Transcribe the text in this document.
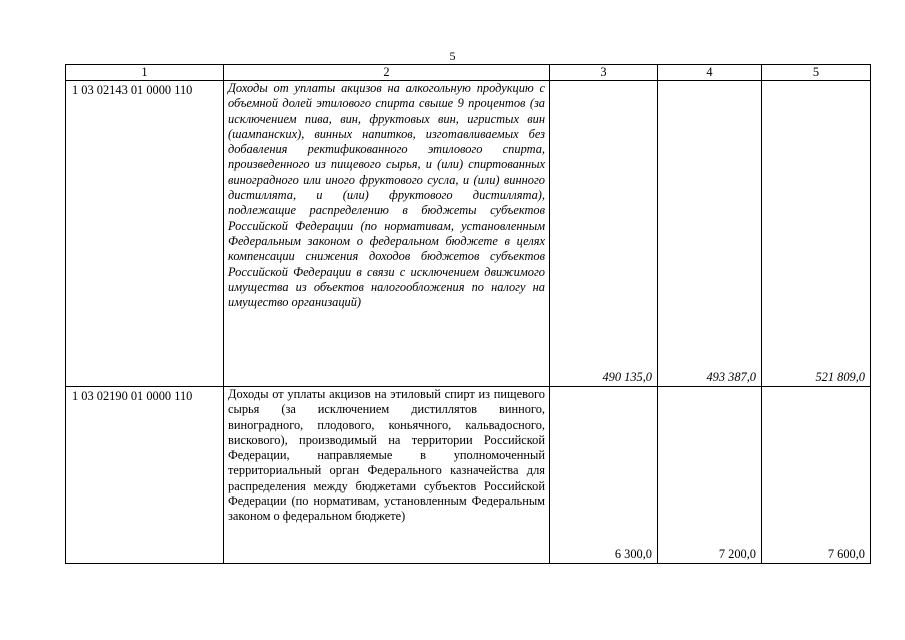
5
1	2	3	4	5
1 03 02143 01 0000 110	Доходы от уплаты акцизов на алкогольную продукцию с объемной долей этилового спирта свыше 9 процентов (за исключением пива, вин, фруктовых вин, игристых вин (шампанских), винных напитков, изготавливаемых без добавления ректификованного этилового спирта, произведенного из пищевого сырья, и (или) спиртованных виноградного или иного фруктового сусла, и (или) винного дистиллята, и (или) фруктового дистиллята), подлежащие распределению в бюджеты субъектов Российской Федерации (по нормативам, установленным Федеральным законом о федеральном бюджете в целях компенсации снижения доходов бюджетов субъектов Российской Федерации в связи с исключением движимого имущества из объектов налогообложения по налогу на имущество организаций)	490 135,0	493 387,0	521 809,0
1 03 02190 01 0000 110	Доходы от уплаты акцизов на этиловый спирт из пищевого сырья (за исключением дистиллятов винного, виноградного, плодового, коньячного, кальвадосного, вискового), производимый на территории Российской Федерации, направляемые в уполномоченный территориальный орган Федерального казначейства для распределения между бюджетами субъектов Российской Федерации (по нормативам, установленным Федеральным законом о федеральном бюджете)	6 300,0	7 200,0	7 600,0
